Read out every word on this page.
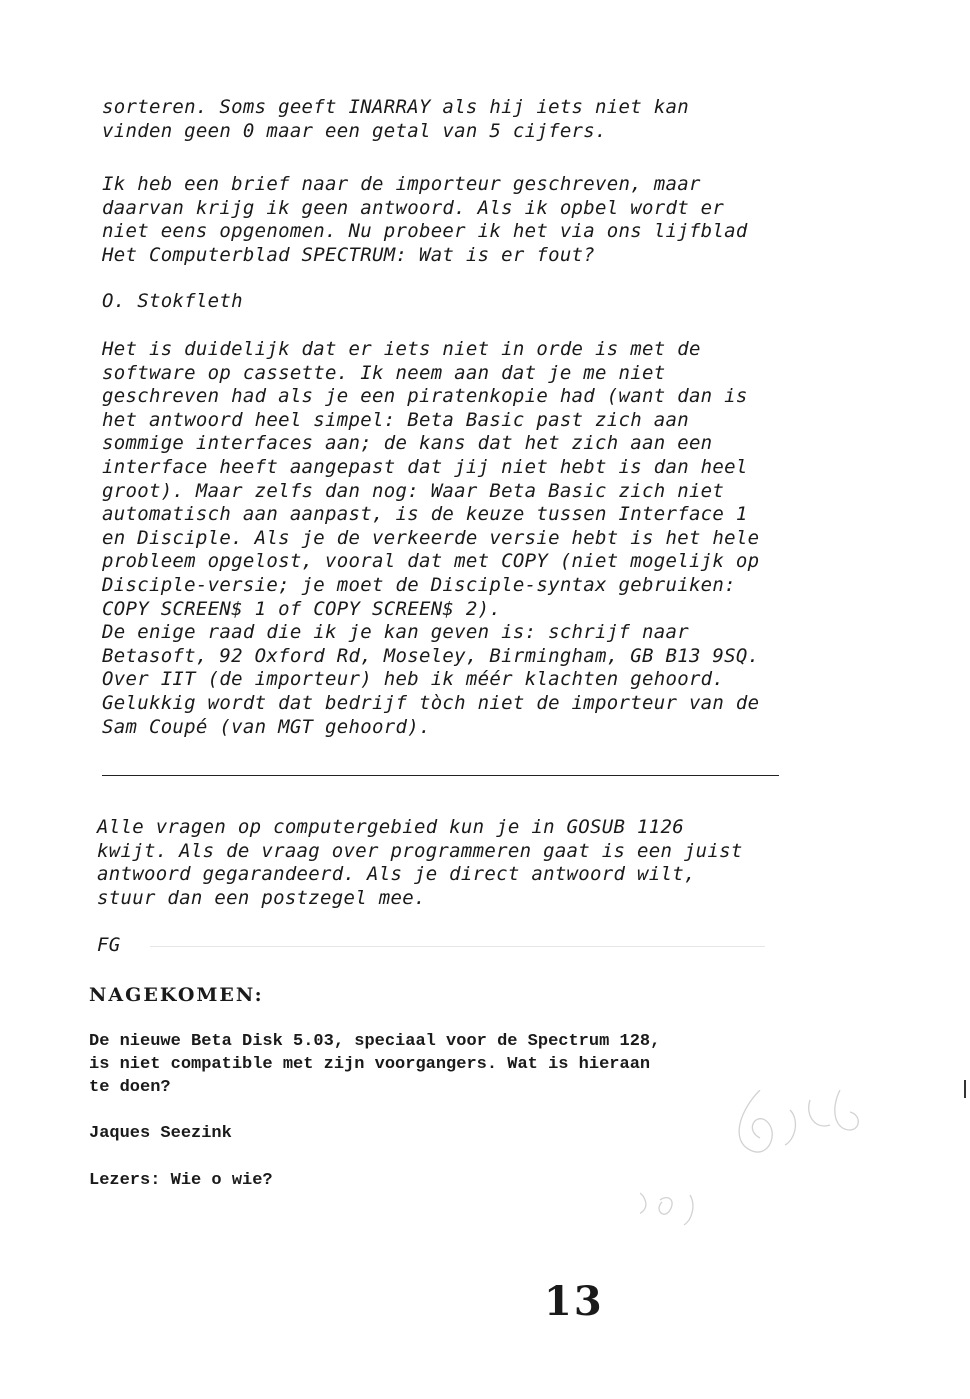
sorteren. Soms geeft INARRAY als hij iets niet kan
vinden geen 0 maar een getal van 5 cijfers.
Ik heb een brief naar de importeur geschreven, maar
daarvan krijg ik geen antwoord. Als ik opbel wordt er
niet eens opgenomen. Nu probeer ik het via ons lijfblad
Het Computerblad SPECTRUM: Wat is er fout?
O. Stokfleth
Het is duidelijk dat er iets niet in orde is met de
software op cassette. Ik neem aan dat je me niet
geschreven had als je een piratenkopie had (want dan is
het antwoord heel simpel: Beta Basic past zich aan
sommige interfaces aan; de kans dat het zich aan een
interface heeft aangepast dat jij niet hebt is dan heel
groot). Maar zelfs dan nog: Waar Beta Basic zich niet
automatisch aan aanpast, is de keuze tussen Interface 1
en Disciple. Als je de verkeerde versie hebt is het hele
probleem opgelost, vooral dat met COPY (niet mogelijk op
Disciple-versie; je moet de Disciple-syntax gebruiken:
COPY SCREEN$ 1 of COPY SCREEN$ 2).
De enige raad die ik je kan geven is: schrijf naar
Betasoft, 92 Oxford Rd, Moseley, Birmingham, GB B13 9SQ.
Over IIT (de importeur) heb ik méér klachten gehoord.
Gelukkig wordt dat bedrijf tòch niet de importeur van de
Sam Coupé (van MGT gehoord).
Alle vragen op computergebied kun je in GOSUB 1126
kwijt. Als de vraag over programmeren gaat is een juist
antwoord gegarandeerd. Als je direct antwoord wilt,
stuur dan een postzegel mee.
FG
NAGEKOMEN:
De nieuwe Beta Disk 5.03, speciaal voor de Spectrum 128,
is niet compatible met zijn voorgangers. Wat is hieraan
te doen?
Jaques Seezink
Lezers: Wie o wie?
13
